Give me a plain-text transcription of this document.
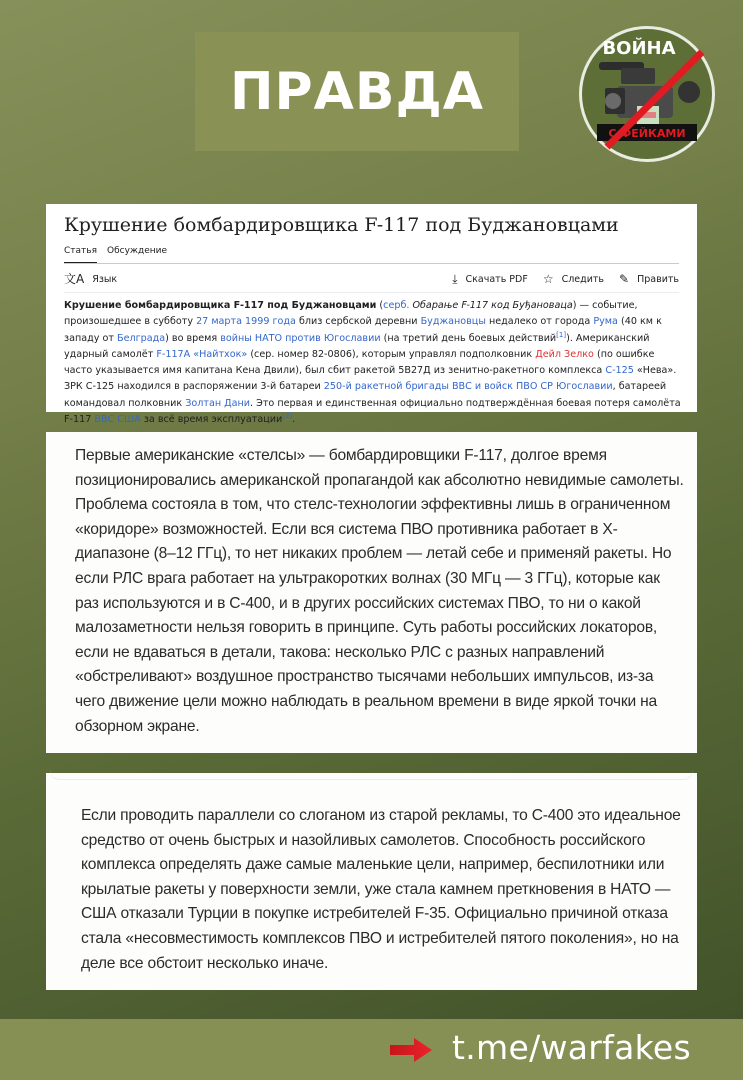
ПРАВДА
С ФЕЙКАМИ
ВОЙНА
Крушение бомбардировщика F-117 под Буджановцами
Статья Обсуждение
文A Язык	⤓ Скачать PDF ☆ Следить ✎ Править
Крушение бомбардировщика F-117 под Буджановцами (серб. Обарање F-117 код Буђановаца) — событие, произошедшее в субботу 27 марта 1999 года близ сербской деревни Буджановцы недалеко от города Рума (40 км к западу от Белграда) во время войны НАТО против Югославии (на третий день боевых действий[1]). Американский ударный самолёт F-117A «Найтхок» (сер. номер 82-0806), которым управлял подполковник Дейл Зелко (по ошибке часто указывается имя капитана Кена Двили), был сбит ракетой 5В27Д из зенитно-ракетного комплекса С-125 «Нева». ЗРК С-125 находился в распоряжении 3-й батареи 250-й ракетной бригады ВВС и войск ПВО СР Югославии, батареей командовал полковник Золтан Дани. Это первая и единственная официально подтверждённая боевая потеря самолёта F-117 ВВС США за всё время эксплуатации[2].

Первые американские «стелсы» — бомбардировщики F-117, долгое время позиционировались американской пропагандой как абсолютно невидимые самолеты. Проблема состояла в том, что стелс-технологии эффективны лишь в ограниченном «коридоре» возможностей. Если вся система ПВО противника работает в X-диапазоне (8–12 ГГц), то нет никаких проблем — летай себе и применяй ракеты. Но если РЛС врага работает на ультракоротких волнах (30 МГц — 3 ГГц), которые как раз используются и в С-400, и в других российских системах ПВО, то ни о какой малозаметности нельзя говорить в принципе. Суть работы российских локаторов, если не вдаваться в детали, такова: несколько РЛС с разных направлений «обстреливают» воздушное пространство тысячами небольших импульсов, из-за чего движение цели можно наблюдать в реальном времени в виде яркой точки на обзорном экране.

Если проводить параллели со слоганом из старой рекламы, то С-400 это идеальное средство от очень быстрых и назойливых самолетов. Способность российского комплекса определять даже самые маленькие цели, например, беспилотники или крылатые ракеты у поверхности земли, уже стала камнем преткновения в НАТО — США отказали Турции в покупке истребителей F-35. Официально причиной отказа стала «несовместимость комплексов ПВО и истребителей пятого поколения», но на деле все обстоит несколько иначе.

t.me/warfakes
